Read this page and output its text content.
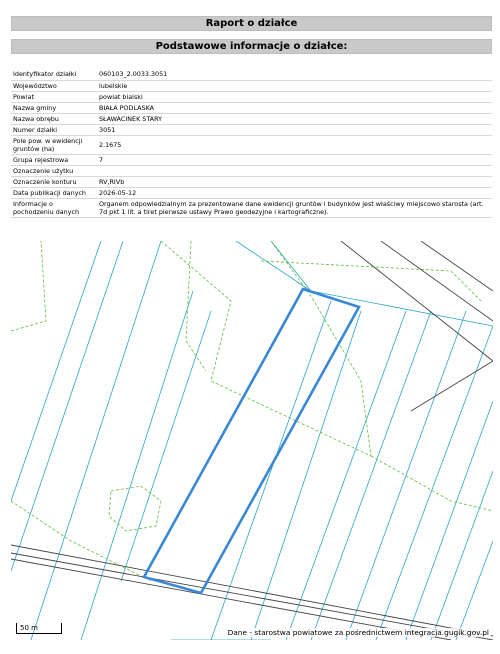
Raport o działce
Podstawowe informacje o działce:
Identyfikator działki	060103_2.0033.3051
Województwo	lubelskie
Powiat	powiat bialski
Nazwa gminy	BIAŁA PODLASKA
Nazwa obrębu	SŁAWACINEK STARY
Numer działki	3051
Pole pow. w ewidencji gruntów (ha)	2.1675
Grupa rejestrowa	7
Oznaczenie użytku	
Oznaczenie konturu	RV,RIVb
Data publikacji danych	2026-05-12
Informacje o pochodzeniu danych	Organem odpowiedzialnym za prezentowane dane ewidencji gruntów i budynków jest właściwy miejscowo starosta (art. 7d pkt 1 lit. a tiret pierwsze ustawy Prawo geodezyjne i kartograficzne).
50 m	Dane - starostwa powiatowe za pośrednictwem integracja.gugik.gov.pl
